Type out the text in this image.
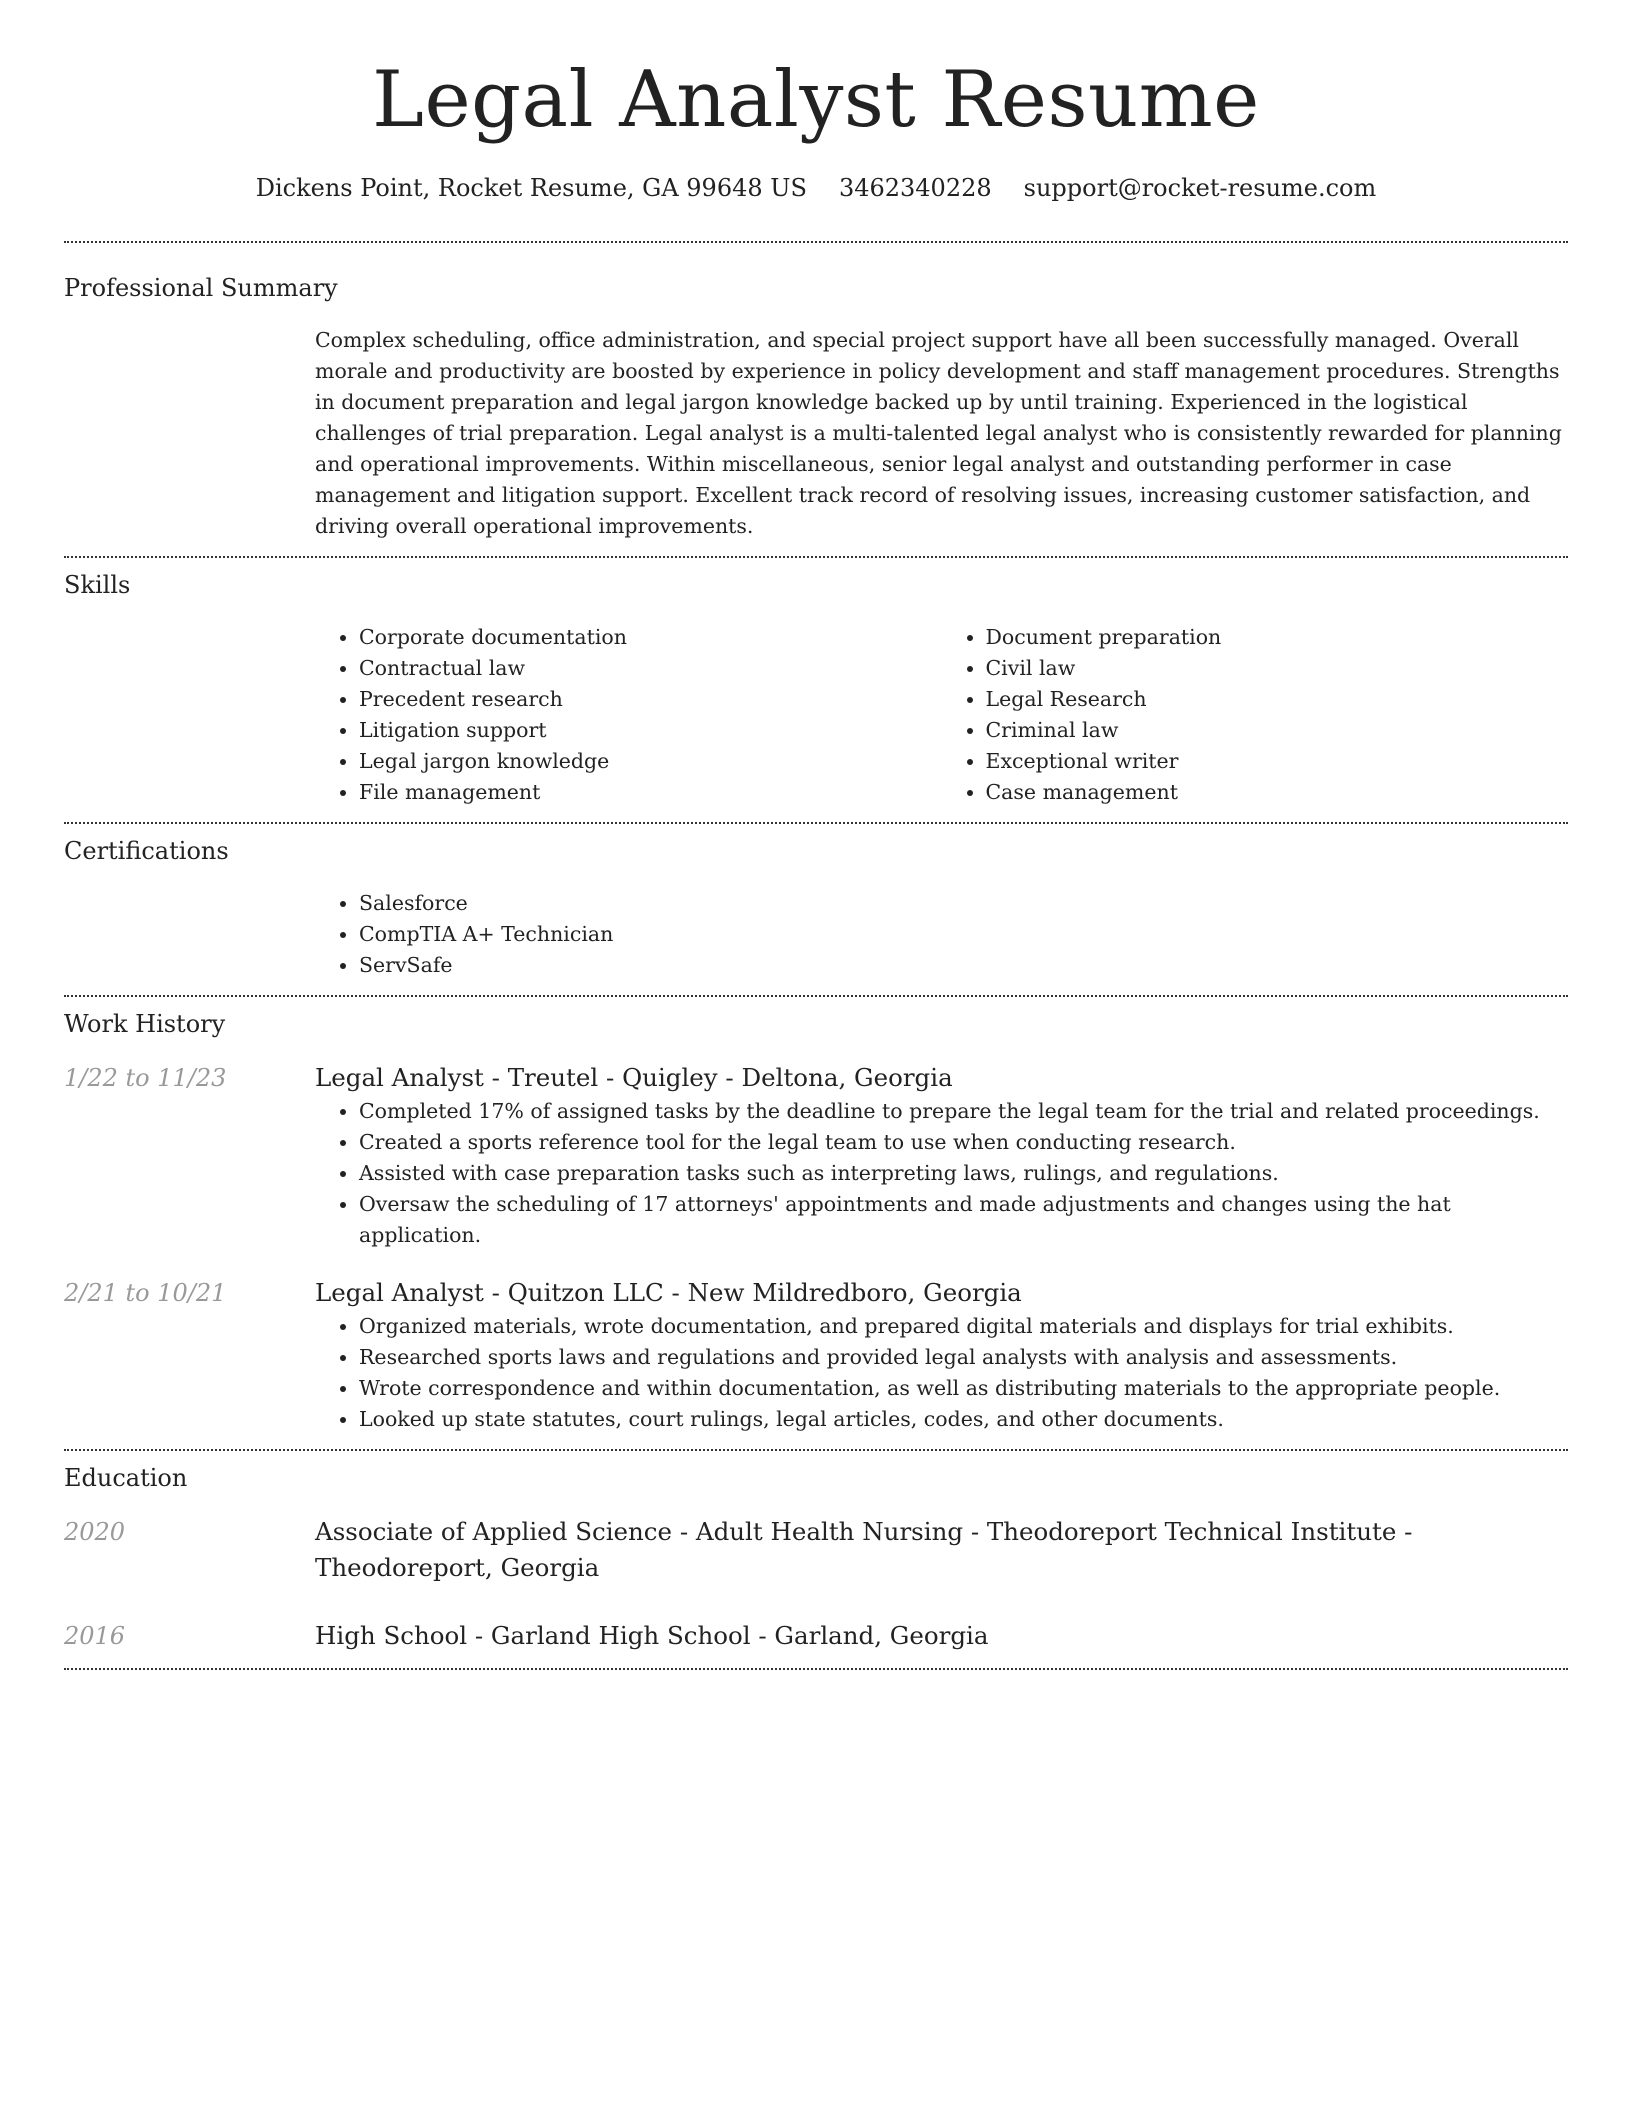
Legal Analyst Resume
Dickens Point, Rocket Resume, GA 99648 US 3462340228 support@rocket-resume.com
Professional Summary

Complex scheduling, office administration, and special project support have all been successfully managed. Overall morale and productivity are boosted by experience in policy development and staff management procedures. Strengths in document preparation and legal jargon knowledge backed up by until training. Experienced in the logistical challenges of trial preparation. Legal analyst is a multi-talented legal analyst who is consistently rewarded for planning and operational improvements. Within miscellaneous, senior legal analyst and outstanding performer in case management and litigation support. Excellent track record of resolving issues, increasing customer satisfaction, and driving overall operational improvements.

Skills
• Corporate documentation
• Contractual law
• Precedent research
• Litigation support
• Legal jargon knowledge
• File management
• Document preparation
• Civil law
• Legal Research
• Criminal law
• Exceptional writer
• Case management
Certifications
• Salesforce
• CompTIA A+ Technician
• ServSafe
Work History
1/22 to 11/23	Legal Analyst - Treutel - Quigley - Deltona, Georgia
• Completed 17% of assigned tasks by the deadline to prepare the legal team for the trial and related proceedings.
• Created a sports reference tool for the legal team to use when conducting research.
• Assisted with case preparation tasks such as interpreting laws, rulings, and regulations.
• Oversaw the scheduling of 17 attorneys' appointments and made adjustments and changes using the hat application.
2/21 to 10/21	Legal Analyst - Quitzon LLC - New Mildredboro, Georgia
• Organized materials, wrote documentation, and prepared digital materials and displays for trial exhibits.
• Researched sports laws and regulations and provided legal analysts with analysis and assessments.
• Wrote correspondence and within documentation, as well as distributing materials to the appropriate people.
• Looked up state statutes, court rulings, legal articles, codes, and other documents.
Education
2020	Associate of Applied Science - Adult Health Nursing - Theodoreport Technical Institute - Theodoreport, Georgia
2016	High School - Garland High School - Garland, Georgia
